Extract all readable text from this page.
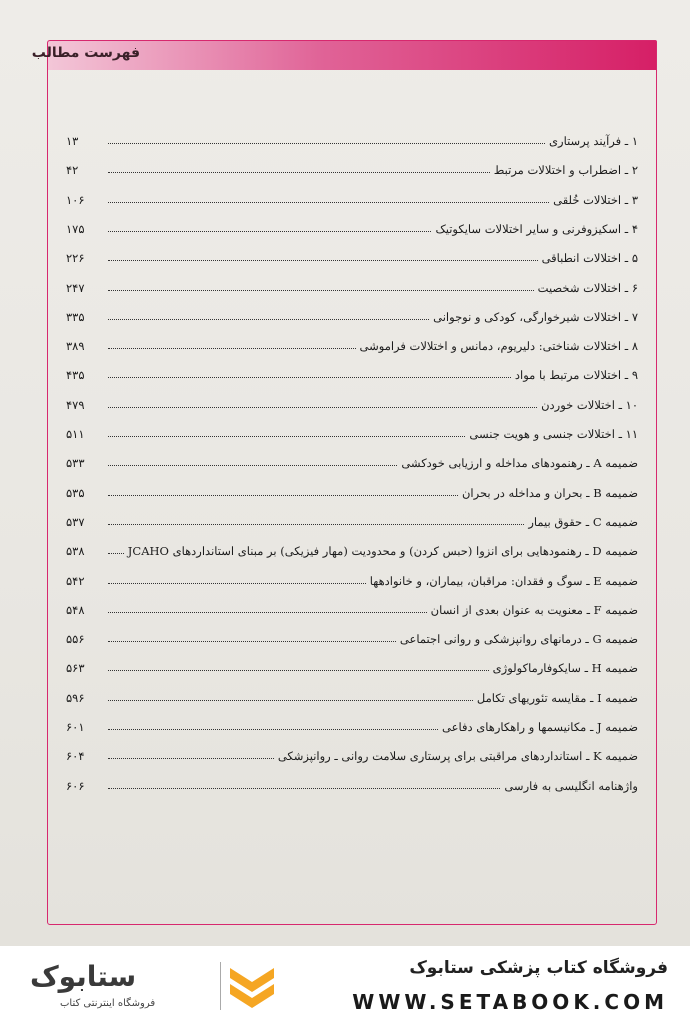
فهرست مطالب
۱ ـ فرآیند پرستاری
۱۳
۲ ـ اضطراب و اختلالات مرتبط
۴۲
۳ ـ اختلالات خُلقی
۱۰۶
۴ ـ اسکیزوفرنی و سایر اختلالات سایکوتیک
۱۷۵
۵ ـ اختلالات انطباقی
۲۲۶
۶ ـ اختلالات شخصیت
۲۴۷
۷ ـ اختلالات شیرخوارگی، کودکی و نوجوانی
۳۳۵
۸ ـ اختلالات شناختی: دلیریوم، دمانس و اختلالات فراموشی
۳۸۹
۹ ـ اختلالات مرتبط با مواد
۴۳۵
۱۰ ـ اختلالات خوردن
۴۷۹
۱۱ ـ اختلالات جنسی و هویت جنسی
۵۱۱
ضمیمه A ـ رهنمودهای مداخله و ارزیابی خودکشی
۵۳۳
ضمیمه B ـ بحران و مداخله در بحران
۵۳۵
ضمیمه C ـ حقوق بیمار
۵۳۷
ضمیمه D ـ رهنمودهایی برای انزوا (حبس کردن) و محدودیت (مهار فیزیکی) بر مبنای استانداردهای JCAHO
۵۳۸
ضمیمه E ـ سوگ و فقدان: مراقبان، بیماران، و خانوادهها
۵۴۲
ضمیمه F ـ معنویت به عنوان بعدی از انسان
۵۴۸
ضمیمه G ـ درمانهای روانپزشکی و روانی اجتماعی
۵۵۶
ضمیمه H ـ سایکوفارماکولوژی
۵۶۳
ضمیمه I ـ مقایسه تئوریهای تکامل
۵۹۶
ضمیمه J ـ مکانیسمها و راهکارهای دفاعی
۶۰۱
ضمیمه K ـ استانداردهای مراقبتی برای پرستاری سلامت روانی ـ روانپزشکی
۶۰۴
واژهنامه انگلیسی به فارسی
۶۰۶
فروشگاه کتاب پزشکی ستابوک
WWW.SETABOOK.COM
ستابوک
فروشگاه اینترنتی کتاب
